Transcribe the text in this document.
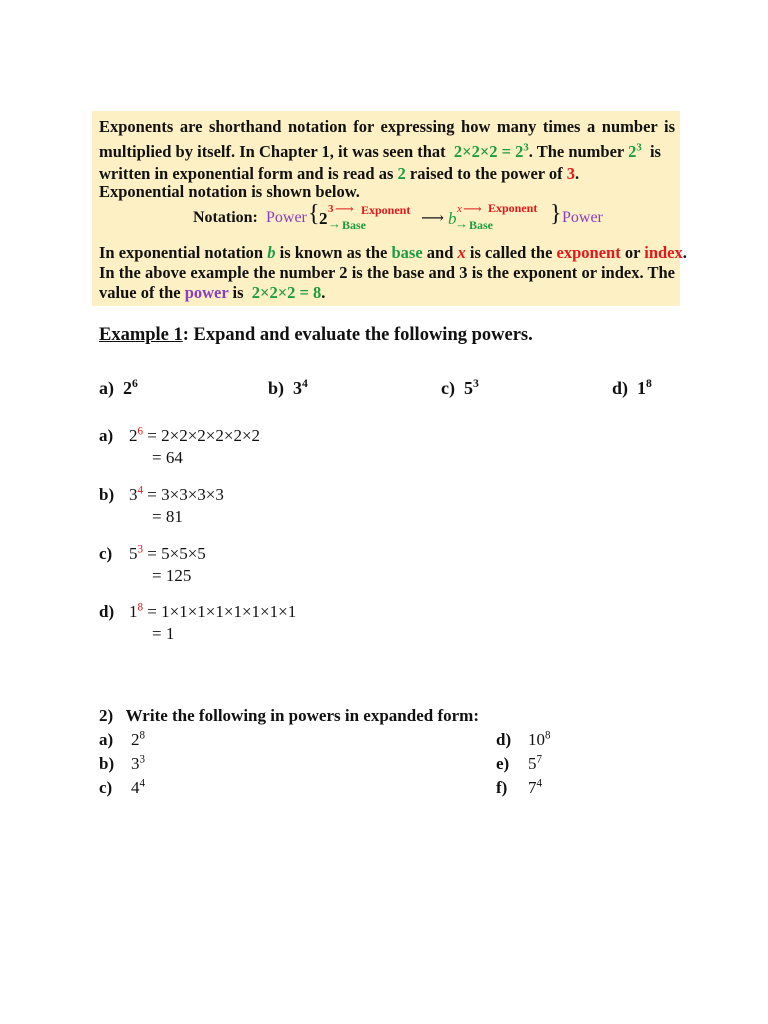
Exponents are shorthand notation for expressing how many times a number is
multiplied by itself. In Chapter 1, it was seen that $2\times 2\times 2 = 2^3$. The number $2^3$ is
written in exponential form and is read as 2 raised to the power of 3.
Exponential notation is shown below.
Notation: Power { 2 3 ⟶ Exponent
→ Base	⟶ b x ⟶ Exponent
→ Base } Power
In exponential notation b is known as the base and x is called the exponent or index.
In the above example the number 2 is the base and 3 is the exponent or index. The
value of the power is 2×2×2 = 8.
Example 1: Expand and evaluate the following powers.
a) $2^6$	b) $3^4$	c) $5^3$	d) $1^8$
a) $2^6 = 2\times 2\times 2\times 2\times 2\times 2$
= 64
b) $3^4 = 3\times 3\times 3\times 3$
= 81
c) $5^3 = 5\times 5\times 5$
= 125
d) $1^8 = 1\times 1\times 1\times 1\times 1\times 1\times 1\times 1$
= 1
2)   Write the following in powers in expanded form:
a) $2^8$
b) $3^3$
c) $4^4$
d) $10^8$
e) $5^7$
f) $7^4$
